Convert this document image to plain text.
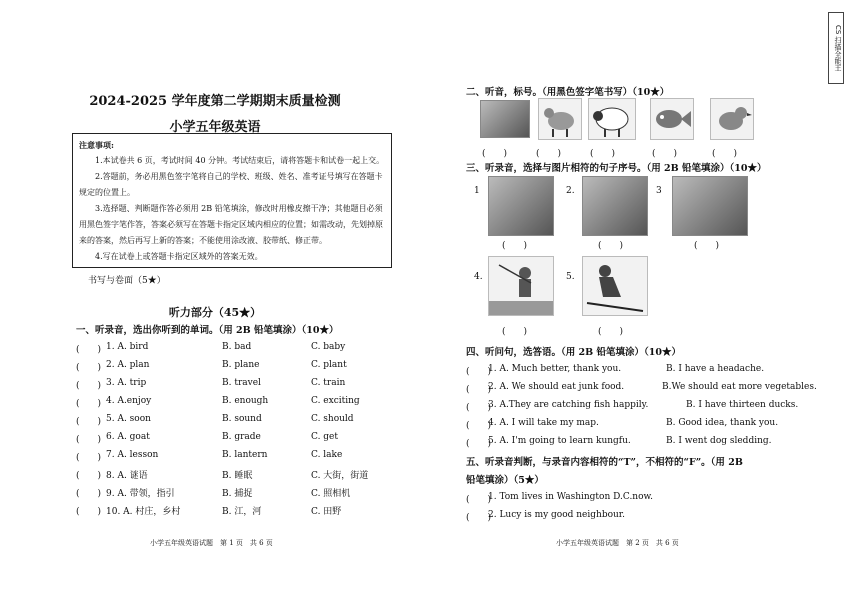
2024-2025 学年度第二学期期末质量检测
小学五年级英语
注意事项:

1.本试卷共 6 页，考试时间 40 分钟。考试结束后，请将答题卡和试卷一起上交。

2.答题前，务必用黑色签字笔将自己的学校、班级、姓名、准考证号填写在答题卡规定的位置上。

3.选择题、判断题作答必须用 2B 铅笔填涂，修改时用橡皮擦干净；其他题目必须用黑色签字笔作答，答案必须写在答题卡指定区域内相应的位置；如需改动，先划掉原来的答案，然后再写上新的答案；不能使用涂改液、胶带纸、修正带。

4.写在试卷上或答题卡指定区域外的答案无效。

书写与卷面（5★）
听力部分（45★）
一、听录音，选出你听到的单词。（用 2B 铅笔填涂）（10★）
(　　) 1. A. bird	B. bad	C. baby
(　　) 2. A. plan	B. plane	C. plant
(　　) 3. A. trip	B. travel	C. train
(　　) 4. A.enjoy	B. enough	C. exciting
(　　) 5. A. soon	B. sound	C. should
(　　) 6. A. goat	B. grade	C. get
(　　) 7. A. lesson	B. lantern	C. lake
(　　) 8. A. 谜语	B. 睡眠	C. 大街，街道
(　　) 9. A. 带领，指引	B. 捕捉	C. 照相机
(　　) 10. A. 村庄，乡村	B. 江，河	C. 田野
小学五年级英语试题　第 1 页　共 6 页
二、听音，标号。（用黑色签字笔书写）（10★）
(　　)	(　　)	(　　)	(　　)	(　　)
三、听录音，选择与图片相符的句子序号。（用 2B 铅笔填涂）（10★）
1	2.	3
(　　)	(　　)	(　　)
4.	5.
(　　)	(　　)
四、听问句，选答语。（用 2B 铅笔填涂）（10★）
(　　)
1. A. Much better, thank you.	B. I have a headache.
(　　)
2. A. We should eat junk food.	B.We should eat more vegetables.
(　　)
3. A.They are catching fish happily.	B. I have thirteen ducks.
(　　)
4. A. I will take my map.	B. Good idea, thank you.
(　　)
5. A. I'm going to learn kungfu.	B. I went dog sledding.
五、听录音判断，与录音内容相符的“T”，不相符的“F”。（用 2B
铅笔填涂）（5★）
(　　)
1. Tom lives in Washington D.C.now.
(　　)
2. Lucy is my good neighbour.
小学五年级英语试题　第 2 页　共 6 页
CS 扫描全能王
